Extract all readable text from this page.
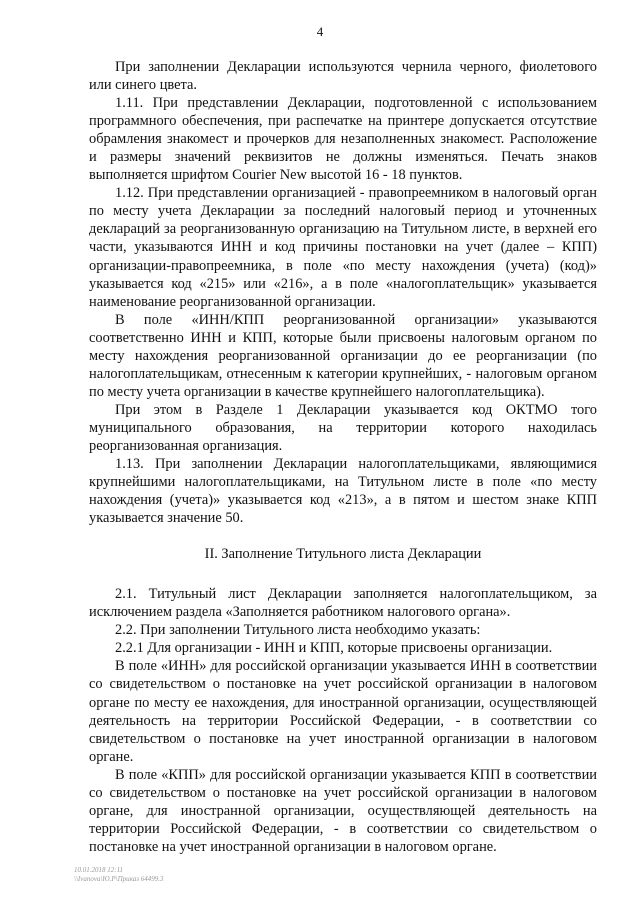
4

При заполнении Декларации используются чернила черного, фиолетового или синего цвета.

1.11. При представлении Декларации, подготовленной с использованием программного обеспечения, при распечатке на принтере допускается отсутствие обрамления знакомест и прочерков для незаполненных знакомест. Расположение и размеры значений реквизитов не должны изменяться. Печать знаков выполняется шрифтом Courier New высотой 16 - 18 пунктов.

1.12. При представлении организацией - правопреемником в налоговый орган по месту учета Декларации за последний налоговый период и уточненных деклараций за реорганизованную организацию на Титульном листе, в верхней его части, указываются ИНН и код причины постановки на учет (далее – КПП) организации-правопреемника, в поле «по месту нахождения (учета) (код)» указывается код «215» или «216», а в поле «налогоплательщик» указывается наименование реорганизованной организации.

В поле «ИНН/КПП реорганизованной организации» указываются соответственно ИНН и КПП, которые были присвоены налоговым органом по месту нахождения реорганизованной организации до ее реорганизации (по налогоплательщикам, отнесенным к категории крупнейших, - налоговым органом по месту учета организации в качестве крупнейшего налогоплательщика).

При этом в Разделе 1 Декларации указывается код ОКТМО того муниципального образования, на территории которого находилась реорганизованная организация.

1.13. При заполнении Декларации налогоплательщиками, являющимися крупнейшими налогоплательщиками, на Титульном листе в поле «по месту нахождения (учета)» указывается код «213», а в пятом и шестом знаке КПП указывается значение 50.

II. Заполнение Титульного листа Декларации

2.1. Титульный лист Декларации заполняется налогоплательщиком, за исключением раздела «Заполняется работником налогового органа».

2.2. При заполнении Титульного листа необходимо указать:

2.2.1 Для организации - ИНН и КПП, которые присвоены организации.

В поле «ИНН» для российской организации указывается ИНН в соответствии со свидетельством о постановке на учет российской организации в налоговом органе по месту ее нахождения, для иностранной организации, осуществляющей деятельность на территории Российской Федерации, - в соответствии со свидетельством о постановке на учет иностранной организации в налоговом органе.

В поле «КПП» для российской организации указывается КПП в соответствии со свидетельством о постановке на учет российской организации в налоговом органе, для иностранной организации, осуществляющей деятельность на территории Российской Федерации, - в соответствии со свидетельством о постановке на учет иностранной организации в налоговом органе.

10.01.2018 12:11
\\Ivanova\Ю.Р\Приказ 64499.3
